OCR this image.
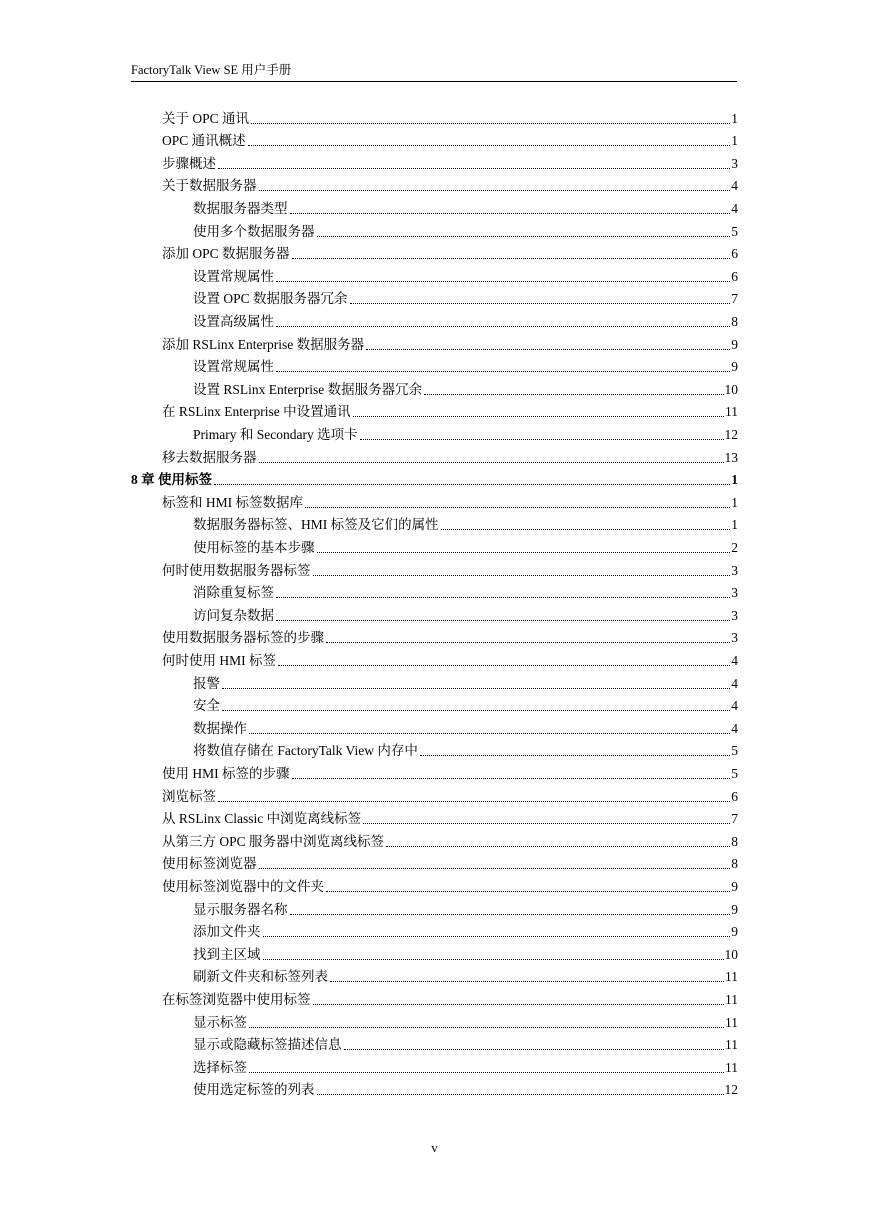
FactoryTalk View SE 用户手册
关于 OPC 通讯	1
OPC 通讯概述	1
步骤概述	3
关于数据服务器	4
数据服务器类型	4
使用多个数据服务器	5
添加 OPC 数据服务器	6
设置常规属性	6
设置 OPC 数据服务器冗余	7
设置高级属性	8
添加 RSLinx Enterprise 数据服务器	9
设置常规属性	9
设置 RSLinx Enterprise 数据服务器冗余	10
在 RSLinx Enterprise 中设置通讯	11
Primary 和 Secondary 选项卡	12
移去数据服务器	13
8 章 使用标签	1
标签和 HMI 标签数据库	1
数据服务器标签、HMI 标签及它们的属性	1
使用标签的基本步骤	2
何时使用数据服务器标签	3
消除重复标签	3
访问复杂数据	3
使用数据服务器标签的步骤	3
何时使用 HMI 标签	4
报警	4
安全	4
数据操作	4
将数值存储在 FactoryTalk View 内存中	5
使用 HMI 标签的步骤	5
浏览标签	6
从 RSLinx Classic 中浏览离线标签	7
从第三方 OPC 服务器中浏览离线标签	8
使用标签浏览器	8
使用标签浏览器中的文件夹	9
显示服务器名称	9
添加文件夹	9
找到主区域	10
刷新文件夹和标签列表	11
在标签浏览器中使用标签	11
显示标签	11
显示或隐藏标签描述信息	11
选择标签	11
使用选定标签的列表	12
v
